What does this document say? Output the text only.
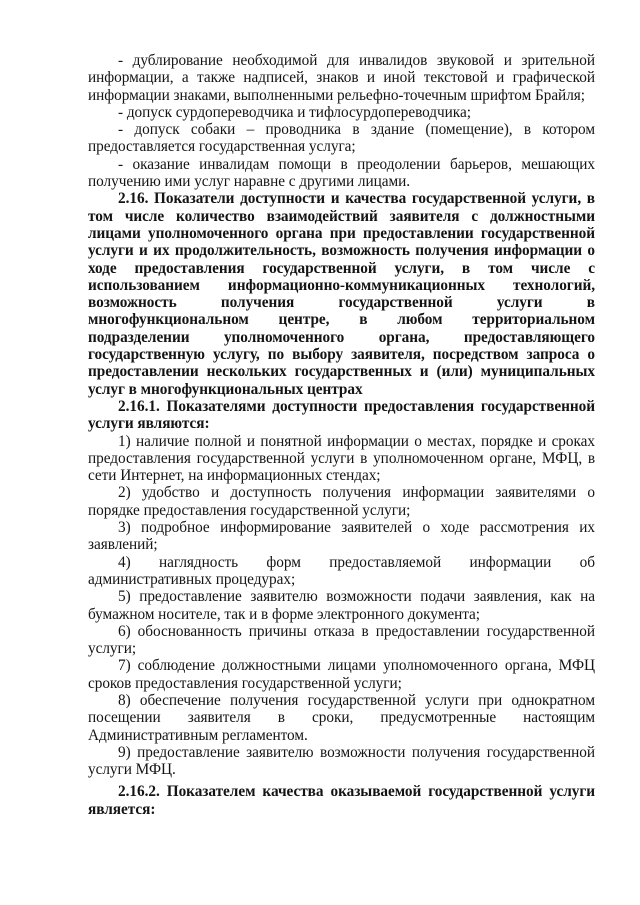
- дублирование необходимой для инвалидов звуковой и зрительной информации, а также надписей, знаков и иной текстовой и графической информации знаками, выполненными рельефно-точечным шрифтом Брайля;

- допуск сурдопереводчика и тифлосурдопереводчика;

- допуск собаки – проводника в здание (помещение), в котором предоставляется государственная услуга;

- оказание инвалидам помощи в преодолении барьеров, мешающих получению ими услуг наравне с другими лицами.

2.16. Показатели доступности и качества государственной услуги, в том числе количество взаимодействий заявителя с должностными лицами уполномоченного органа при предоставлении государственной услуги и их продолжительность, возможность получения информации о ходе предоставления государственной услуги, в том числе с использованием информационно-коммуникационных технологий, возможность получения государственной услуги в многофункциональном центре, в любом территориальном подразделении уполномоченного органа, предоставляющего государственную услугу, по выбору заявителя, посредством запроса о предоставлении нескольких государственных и (или) муниципальных услуг в многофункциональных центрах

2.16.1. Показателями доступности предоставления государственной услуги являются:

1) наличие полной и понятной информации о местах, порядке и сроках предоставления государственной услуги в уполномоченном органе, МФЦ, в сети Интернет, на информационных стендах;

2) удобство и доступность получения информации заявителями о порядке предоставления государственной услуги;

3) подробное информирование заявителей о ходе рассмотрения их заявлений;

4) наглядность форм предоставляемой информации об административных процедурах;

5) предоставление заявителю возможности подачи заявления, как на бумажном носителе, так и в форме электронного документа;

6) обоснованность причины отказа в предоставлении государственной услуги;

7) соблюдение должностными лицами уполномоченного органа, МФЦ сроков предоставления государственной услуги;

8) обеспечение получения государственной услуги при однократном посещении заявителя в сроки, предусмотренные настоящим Административным регламентом.

9) предоставление заявителю возможности получения государственной услуги МФЦ.

2.16.2. Показателем качества оказываемой государственной услуги является:
